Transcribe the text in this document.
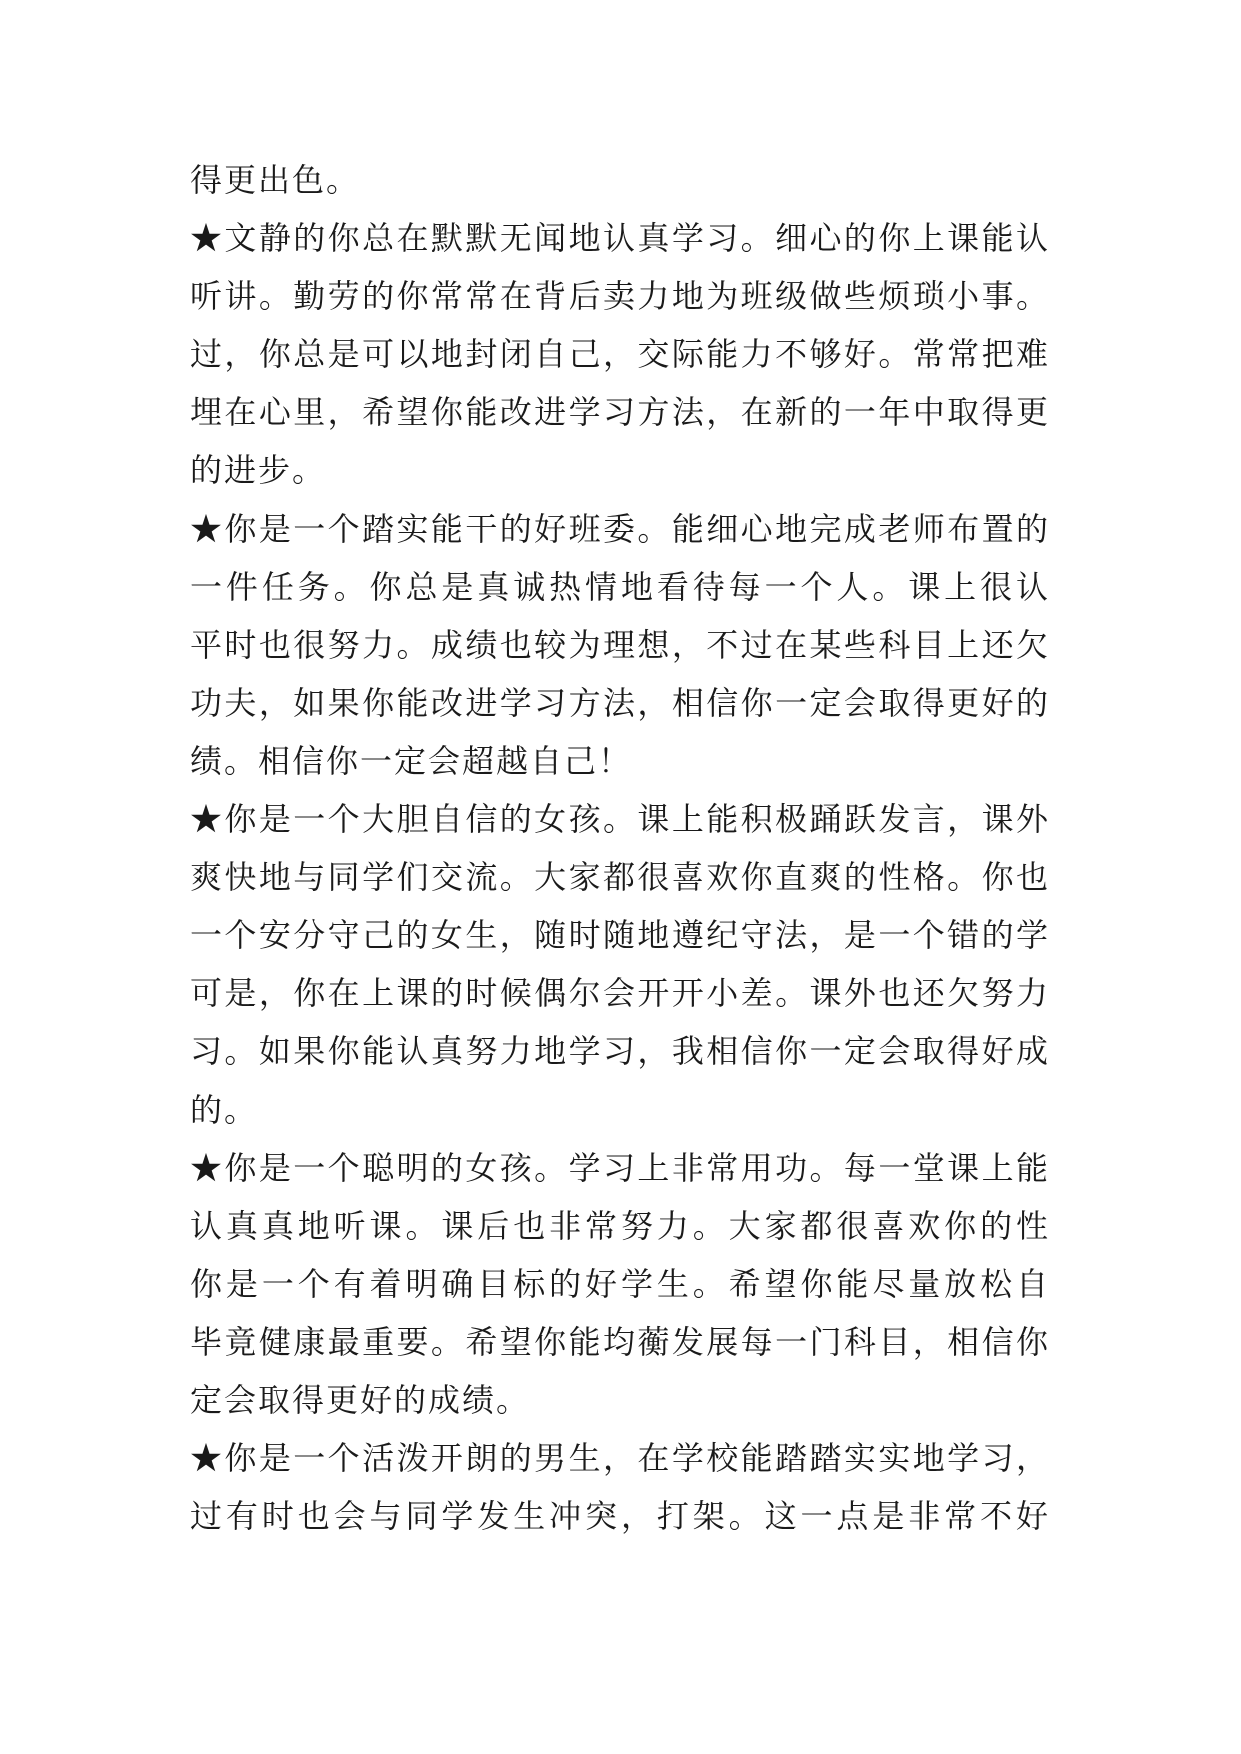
得更出色。
★文静的你总在默默无闻地认真学习。细心的你上课能认
听讲。勤劳的你常常在背后卖力地为班级做些烦琐小事。
过，你总是可以地封闭自己，交际能力不够好。常常把难
埋在心里，希望你能改进学习方法，在新的一年中取得更
的进步。
★你是一个踏实能干的好班委。能细心地完成老师布置的
一件任务。你总是真诚热情地看待每一个人。课上很认
平时也很努力。成绩也较为理想，不过在某些科目上还欠
功夫，如果你能改进学习方法，相信你一定会取得更好的
绩。相信你一定会超越自己！
★你是一个大胆自信的女孩。课上能积极踊跃发言，课外
爽快地与同学们交流。大家都很喜欢你直爽的性格。你也
一个安分守己的女生，随时随地遵纪守法，是一个错的学
可是，你在上课的时候偶尔会开开小差。课外也还欠努力
习。如果你能认真努力地学习，我相信你一定会取得好成
的。
★你是一个聪明的女孩。学习上非常用功。每一堂课上能
认真真地听课。课后也非常努力。大家都很喜欢你的性
你是一个有着明确目标的好学生。希望你能尽量放松自
毕竟健康最重要。希望你能均蘅发展每一门科目，相信你
定会取得更好的成绩。
★你是一个活泼开朗的男生，在学校能踏踏实实地学习，
过有时也会与同学发生冲突，打架。这一点是非常不好
